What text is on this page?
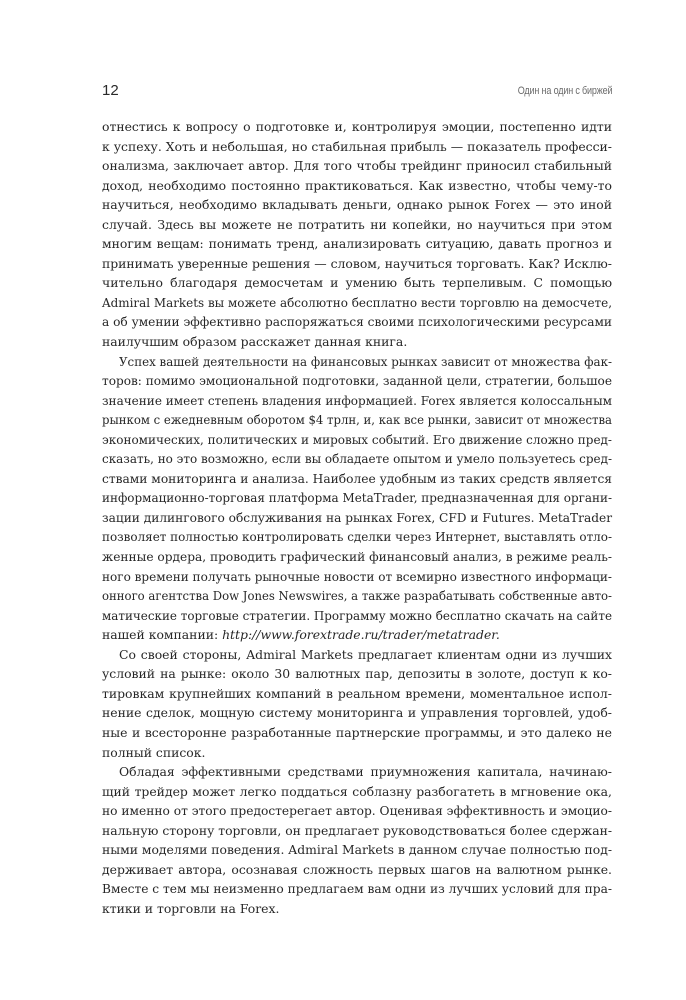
12	Один на один с биржей
отнестись к вопросу о подготовке и, контролируя эмоции, постепенно идти
к успеху. Хоть и небольшая, но стабильная прибыль — показатель професси-
онализма, заключает автор. Для того чтобы трейдинг приносил стабильный
доход, необходимо постоянно практиковаться. Как известно, чтобы чему-то
научиться, необходимо вкладывать деньги, однако рынок Forex — это иной
случай. Здесь вы можете не потратить ни копейки, но научиться при этом
многим вещам: понимать тренд, анализировать ситуацию, давать прогноз и
принимать уверенные решения — словом, научиться торговать. Как? Исклю-
чительно благодаря демосчетам и умению быть терпеливым. С помощью
Admiral Markets вы можете абсолютно бесплатно вести торговлю на демосчете,
а об умении эффективно распоряжаться своими психологическими ресурсами
наилучшим образом расскажет данная книга.
Успех вашей деятельности на финансовых рынках зависит от множества фак-
торов: помимо эмоциональной подготовки, заданной цели, стратегии, большое
значение имеет степень владения информацией. Forex является колоссальным
рынком с ежедневным оборотом $4 трлн, и, как все рынки, зависит от множества
экономических, политических и мировых событий. Его движение сложно пред-
сказать, но это возможно, если вы обладаете опытом и умело пользуетесь сред-
ствами мониторинга и анализа. Наиболее удобным из таких средств является
информационно-торговая платформа MetaTrader, предназначенная для органи-
зации дилингового обслуживания на рынках Forex, CFD и Futures. MetaTrader
позволяет полностью контролировать сделки через Интернет, выставлять отло-
женные ордера, проводить графический финансовый анализ, в режиме реаль-
ного времени получать рыночные новости от всемирно известного информаци-
онного агентства Dow Jones Newswires, а также разрабатывать собственные авто-
матические торговые стратегии. Программу можно бесплатно скачать на сайте
нашей компании: http://www.forextrade.ru/trader/metatrader.
Со своей стороны, Admiral Markets предлагает клиентам одни из лучших
условий на рынке: около 30 валютных пар, депозиты в золоте, доступ к ко-
тировкам крупнейших компаний в реальном времени, моментальное испол-
нение сделок, мощную систему мониторинга и управления торговлей, удоб-
ные и всесторонне разработанные партнерские программы, и это далеко не
полный список.
Обладая эффективными средствами приумножения капитала, начинаю-
щий трейдер может легко поддаться соблазну разбогатеть в мгновение ока,
но именно от этого предостерегает автор. Оценивая эффективность и эмоцио-
нальную сторону торговли, он предлагает руководствоваться более сдержан-
ными моделями поведения. Admiral Markets в данном случае полностью под-
держивает автора, осознавая сложность первых шагов на валютном рынке.
Вместе с тем мы неизменно предлагаем вам одни из лучших условий для пра-
ктики и торговли на Forex.
